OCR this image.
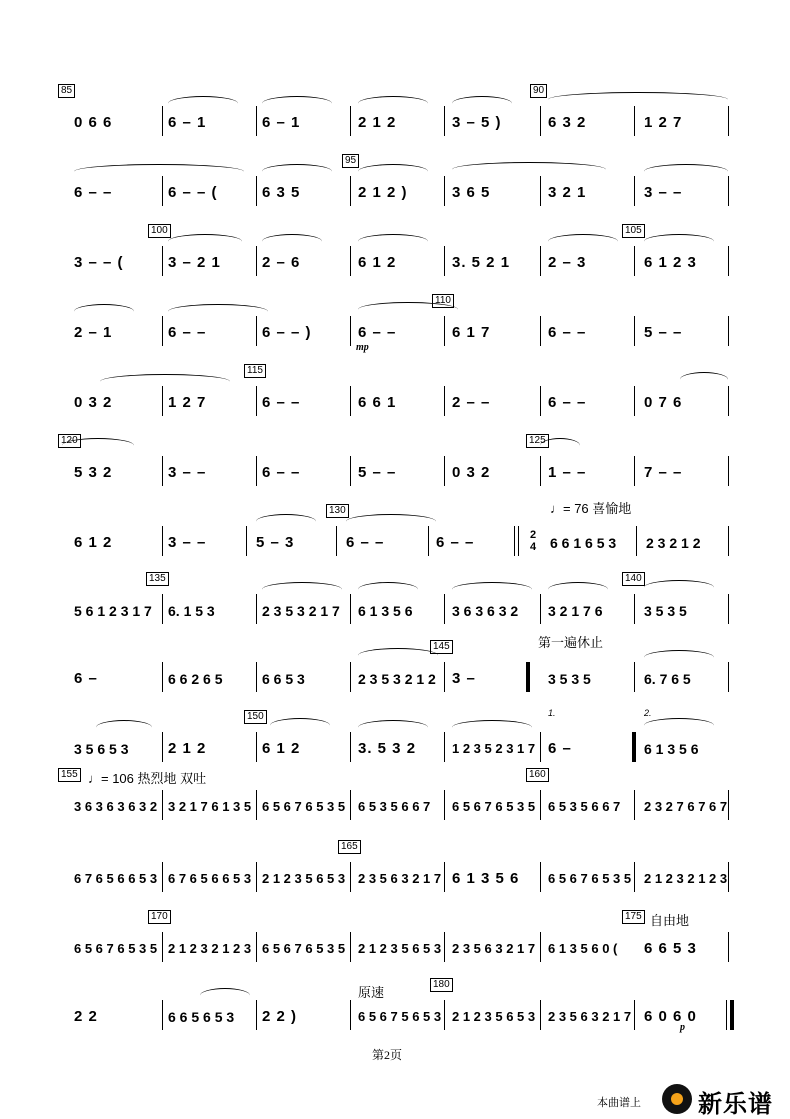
85
0 6 6	6 – 1	6 – 1	2 1 2	3 – 5 )
90
6 3 2	1 2 7
6 – –	6 – – (	6 3 5
95
2 1 2 )	3 6 5	3 2 1	3 – –
3 – – (
100
3 – 2 1	2 – 6	6 1 2	3. 5 2 1	2 – 3
105
6 1 2 3
2 – 1	6 – –	6 – – )	6 – –
mp
110
6 1 7	6 – –	5 – –
0 3 2	1 2 7
115
6 – –	6 6 1	2 – –	6 – –	0 7 6
120
5 3 2	3 – –	6 – –	5 – –	0 3 2
125
1 – –	7 – –
6 1 2	3 – –	5 – 3
130
6 – –	6 – –
♩= 76 喜愉地
2
4 6 6 1 6 5 3 2 3 2 1 2
5 6 1 2 3 1 7
135
6. 1 5 3	2 3 5 3 2 1 7 6 1 3 5 6	3 6 3 6 3 2 3 2 1 7 6
140
3 5 3 5
6 –	6 6 2 6 5	6 6 5 3	2 3 5 3 2 1 2
145
3 –
第一遍休止
3 5 3 5	6. 7 6 5
3 5 6 5 3	2 1 2
150
6 1 2	3. 5 3 2	1 2 3 5 2 3 1 7
1.
6 –
2.
6 1 3 5 6
155 ♩= 106 热烈地 双吐
3 6 3 6 3 6 3 2 3 2 1 7 6 1 3 5 6 5 6 7 6 5 3 5 6 5 3 5 6 6 7 6 5 6 7 6 5 3 5
160
6 5 3 5 6 6 7 2 3 2 7 6 7 6 7
6 7 6 5 6 6 5 3 6 7 6 5 6 6 5 3 2 1 2 3 5 6 5 3
165
2 3 5 6 3 2 1 7 6 1 3 5 6 6 5 6 7 6 5 3 5 2 1 2 3 2 1 2 3
6 5 6 7 6 5 3 5
170
2 1 2 3 2 1 2 3 6 5 6 7 6 5 3 5 2 1 2 3 5 6 5 3 2 3 5 6 3 2 1 7 6 1 3 5 6 0 (
175 自由地
6 6 5 3
2 2	6 6 5 6 5 3 2 2 )
原速
6 5 6 7 5 6 5 3
180
2 1 2 3 5 6 5 3 2 3 5 6 3 2 1 7 6 0 6 0
p
第2页
本曲谱上 新乐谱
